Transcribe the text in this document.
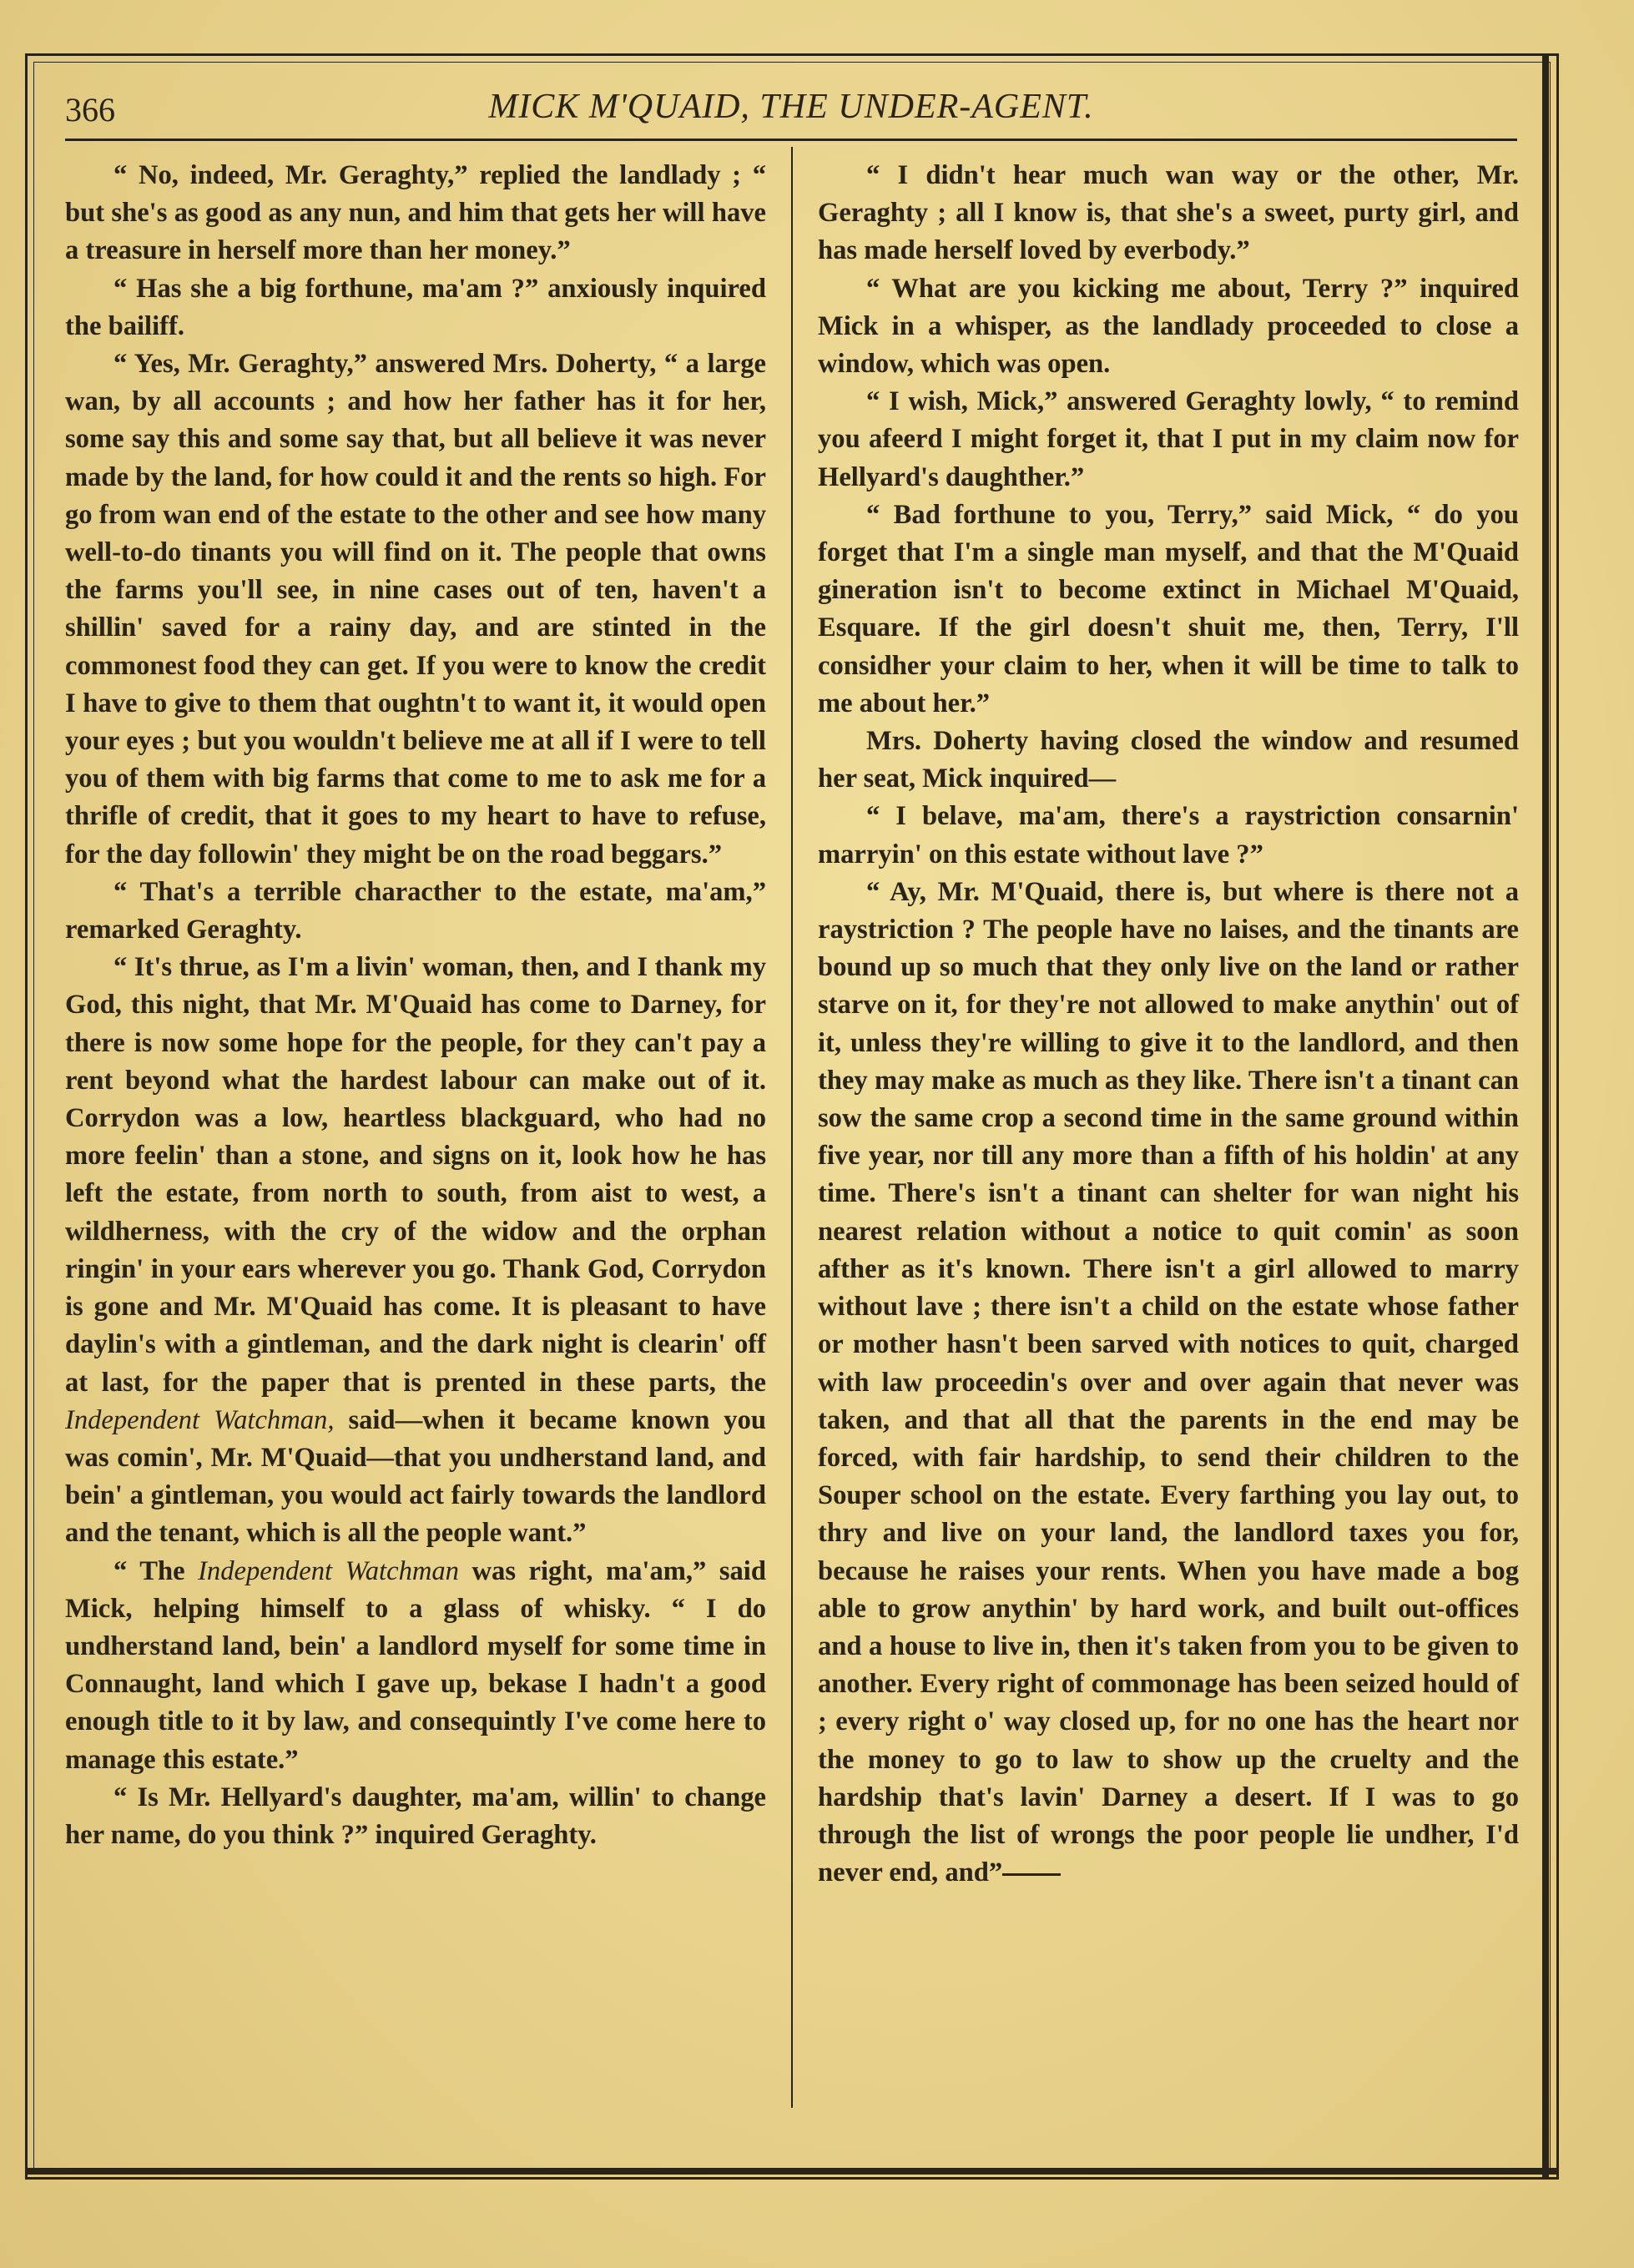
366	MICK M'QUAID, THE UNDER-AGENT.

“ No, indeed, Mr. Geraghty,” replied the landlady ; “ but she's as good as any nun, and him that gets her will have a treasure in herself more than her money.”

“ Has she a big forthune, ma'am ?” anxiously inquired the bailiff.

“ Yes, Mr. Geraghty,” answered Mrs. Doherty, “ a large wan, by all accounts ; and how her father has it for her, some say this and some say that, but all believe it was never made by the land, for how could it and the rents so high. For go from wan end of the estate to the other and see how many well-to-do tinants you will find on it. The people that owns the farms you'll see, in nine cases out of ten, haven't a shillin' saved for a rainy day, and are stinted in the commonest food they can get. If you were to know the credit I have to give to them that oughtn't to want it, it would open your eyes ; but you wouldn't believe me at all if I were to tell you of them with big farms that come to me to ask me for a thrifle of credit, that it goes to my heart to have to refuse, for the day followin' they might be on the road beggars.”

“ That's a terrible characther to the estate, ma'am,” remarked Geraghty.

“ It's thrue, as I'm a livin' woman, then, and I thank my God, this night, that Mr. M'Quaid has come to Darney, for there is now some hope for the people, for they can't pay a rent beyond what the hardest labour can make out of it. Corrydon was a low, heartless blackguard, who had no more feelin' than a stone, and signs on it, look how he has left the estate, from north to south, from aist to west, a wildherness, with the cry of the widow and the orphan ringin' in your ears wherever you go. Thank God, Corrydon is gone and Mr. M'Quaid has come. It is pleasant to have daylin's with a gintleman, and the dark night is clearin' off at last, for the paper that is prented in these parts, the Independent Watchman, said—when it became known you was comin', Mr. M'Quaid—that you undherstand land, and bein' a gintleman, you would act fairly towards the landlord and the tenant, which is all the people want.”

“ The Independent Watchman was right, ma'am,” said Mick, helping himself to a glass of whisky. “ I do undherstand land, bein' a landlord myself for some time in Connaught, land which I gave up, bekase I hadn't a good enough title to it by law, and consequintly I've come here to manage this estate.”

“ Is Mr. Hellyard's daughter, ma'am, willin' to change her name, do you think ?” inquired Geraghty.

“ I didn't hear much wan way or the other, Mr. Geraghty ; all I know is, that she's a sweet, purty girl, and has made herself loved by everbody.”

“ What are you kicking me about, Terry ?” inquired Mick in a whisper, as the landlady proceeded to close a window, which was open.

“ I wish, Mick,” answered Geraghty lowly, “ to remind you afeerd I might forget it, that I put in my claim now for Hellyard's daughther.”

“ Bad forthune to you, Terry,” said Mick, “ do you forget that I'm a single man myself, and that the M'Quaid gineration isn't to become extinct in Michael M'Quaid, Esquare. If the girl doesn't shuit me, then, Terry, I'll considher your claim to her, when it will be time to talk to me about her.”

Mrs. Doherty having closed the window and resumed her seat, Mick inquired—

“ I belave, ma'am, there's a raystriction consarnin' marryin' on this estate without lave ?”

“ Ay, Mr. M'Quaid, there is, but where is there not a raystriction ? The people have no laises, and the tinants are bound up so much that they only live on the land or rather starve on it, for they're not allowed to make anythin' out of it, unless they're willing to give it to the landlord, and then they may make as much as they like. There isn't a tinant can sow the same crop a second time in the same ground within five year, nor till any more than a fifth of his holdin' at any time. There's isn't a tinant can shelter for wan night his nearest relation without a notice to quit comin' as soon afther as it's known. There isn't a girl allowed to marry without lave ; there isn't a child on the estate whose father or mother hasn't been sarved with notices to quit, charged with law proceedin's over and over again that never was taken, and that all that the parents in the end may be forced, with fair hardship, to send their children to the Souper school on the estate. Every farthing you lay out, to thry and live on your land, the landlord taxes you for, because he raises your rents. When you have made a bog able to grow anythin' by hard work, and built out-offices and a house to live in, then it's taken from you to be given to another. Every right of commonage has been seized hould of ; every right o' way closed up, for no one has the heart nor the money to go to law to show up the cruelty and the hardship that's lavin' Darney a desert. If I was to go through the list of wrongs the poor people lie undher, I'd never end, and”
